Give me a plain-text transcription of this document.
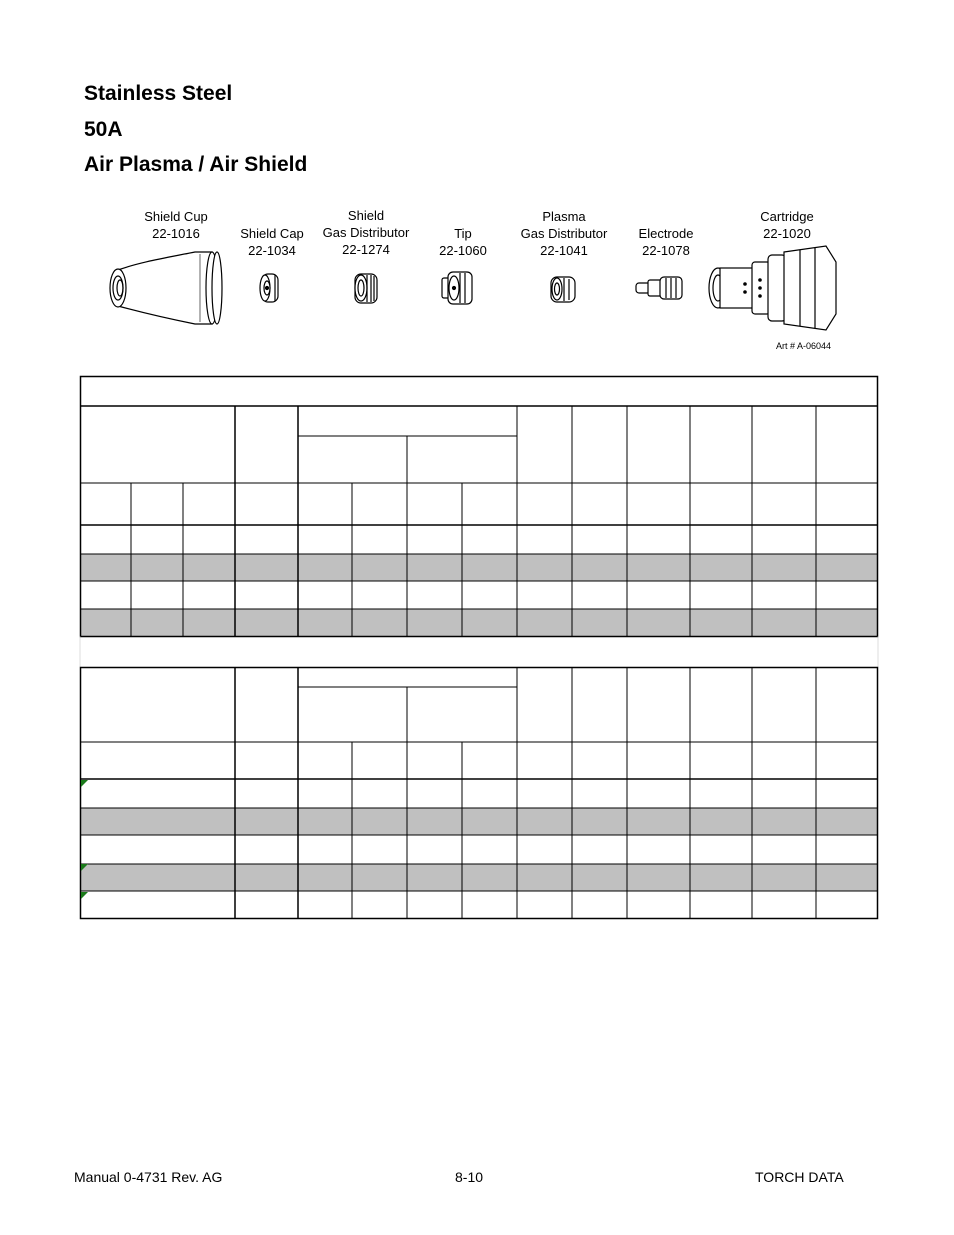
Stainless Steel
50A
Air Plasma / Air Shield
Shield Cup
22-1016	Shield Cap
22-1034
Shield
Gas Distributor
22-1274
Tip
22-1060
Plasma
Gas Distributor
22-1041
Electrode
22-1078
Cartridge
22-1020
Art # A-06044
Manual 0-4731 Rev. AG	8-10	TORCH DATA
